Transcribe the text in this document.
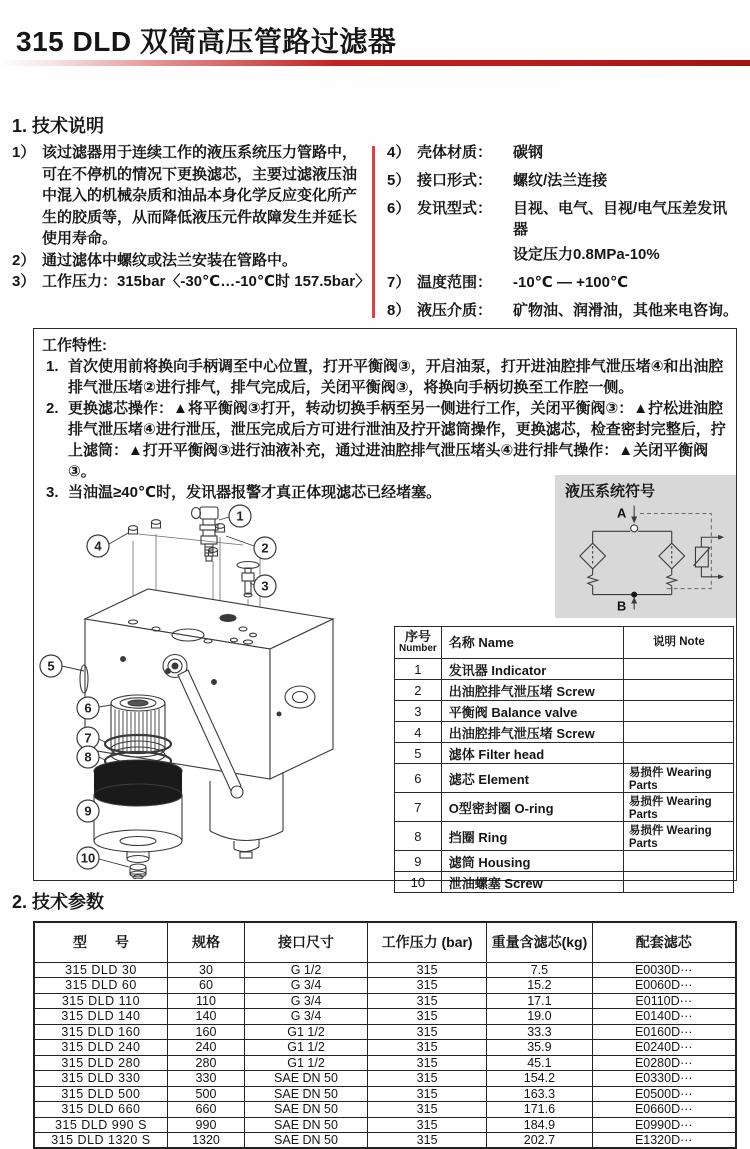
315 DLD 双筒高压管路过滤器
1. 技术说明
1） 该过滤器用于连续工作的液压系统压力管路中，可在不停机的情况下更换滤芯，主要过滤液压油中混入的机械杂质和油品本身化学反应变化所产生的胶质等，从而降低液压元件故障发生并延长使用寿命。
2） 通过滤体中螺纹或法兰安装在管路中。
3） 工作压力：315bar〈-30℃…-10℃时 157.5bar〉
4） 壳体材质：	碳钢
5） 接口形式：	螺纹/法兰连接
6） 发讯型式：	目视、电气、目视/电气压差发讯器
设定压力0.8MPa-10%
7） 温度范围：	-10℃ — +100℃
8） 液压介质：	矿物油、润滑油，其他来电咨询。
工作特性:
1. 首次使用前将换向手柄调至中心位置，打开平衡阀③，开启油泵，打开进油腔排气泄压堵④和出油腔排气泄压堵②进行排气，排气完成后，关闭平衡阀③，将换向手柄切换至工作腔一侧。
2. 更换滤芯操作：▲将平衡阀③打开，转动切换手柄至另一侧进行工作，关闭平衡阀③：▲拧松进油腔排气泄压堵④进行泄压，泄压完成后方可进行泄油及拧开滤筒操作，更换滤芯，检查密封完整后，拧上滤筒：▲打开平衡阀③进行油液补充，通过进油腔排气泄压堵头④进行排气操作：▲关闭平衡阀③。
3. 当油温≥40℃时，发讯器报警才真正体现滤芯已经堵塞。
1
2
3
4
5
6
7
8
9
10
液压系统符号
A
B
序号
Number	名称 Name	说明 Note
1	发讯器 Indicator	
2	出油腔排气泄压堵 Screw	
3	平衡阀 Balance valve	
4	出油腔排气泄压堵 Screw	
5	滤体 Filter head	
6	滤芯 Element	易损件 Wearing Parts
7	O型密封圈 O-ring	易损件 Wearing Parts
8	挡圈 Ring	易损件 Wearing Parts
9	滤筒 Housing	
10	泄油螺塞 Screw	
2. 技术参数
型　　号	规格	接口尺寸	工作压力 (bar)	重量含滤芯(kg)	配套滤芯
315 DLD 30	30	G 1/2	315	7.5	E0030D···
315 DLD 60	60	G 3/4	315	15.2	E0060D···
315 DLD 110	110	G 3/4	315	17.1	E0110D···
315 DLD 140	140	G 3/4	315	19.0	E0140D···
315 DLD 160	160	G1 1/2	315	33.3	E0160D···
315 DLD 240	240	G1 1/2	315	35.9	E0240D···
315 DLD 280	280	G1 1/2	315	45.1	E0280D···
315 DLD 330	330	SAE DN 50	315	154.2	E0330D···
315 DLD 500	500	SAE DN 50	315	163.3	E0500D···
315 DLD 660	660	SAE DN 50	315	171.6	E0660D···
315 DLD 990 S	990	SAE DN 50	315	184.9	E0990D···
315 DLD 1320 S	1320	SAE DN 50	315	202.7	E1320D···
